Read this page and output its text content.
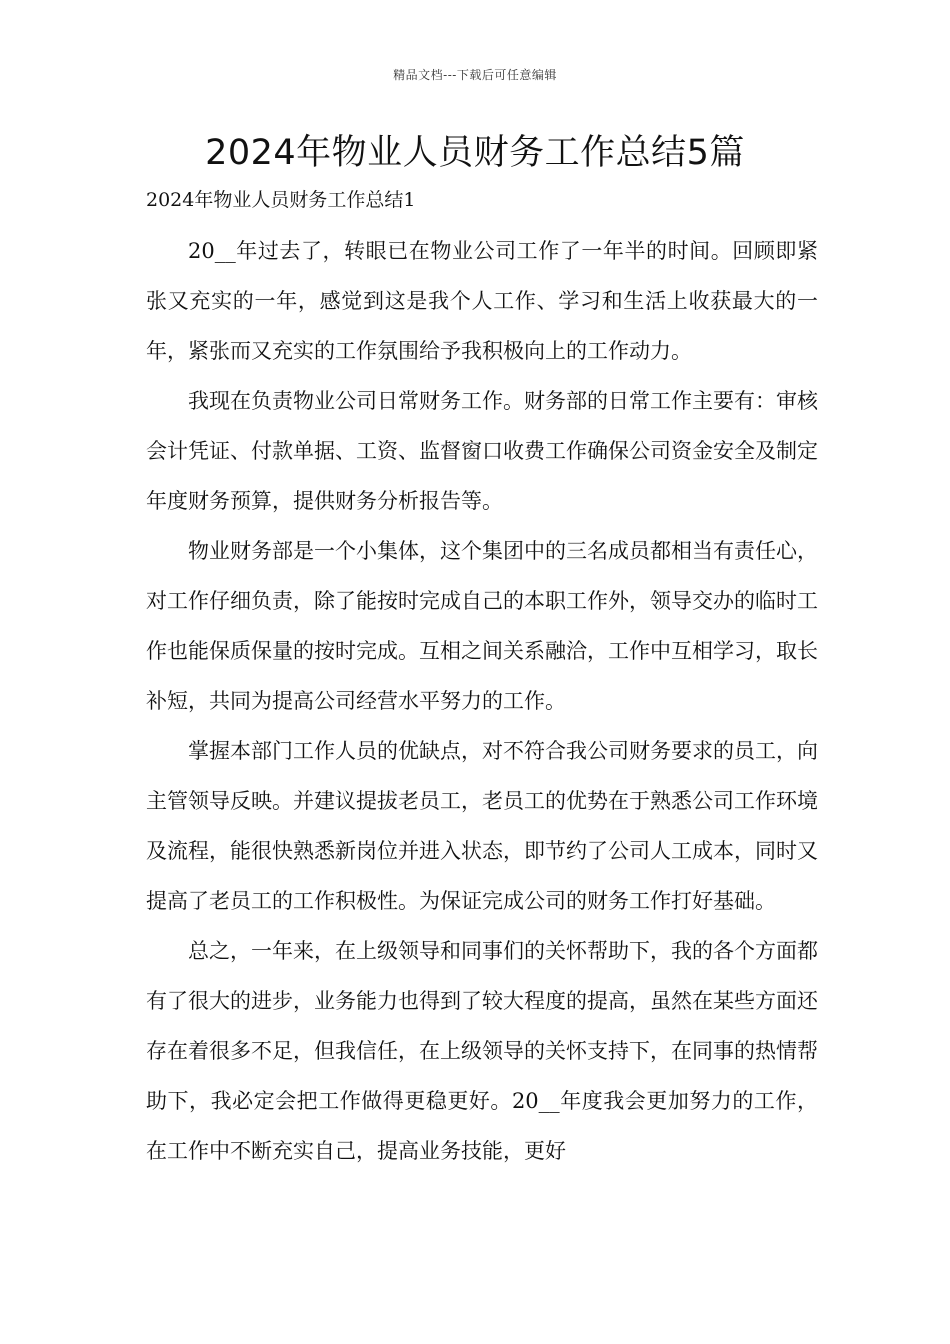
精品文档---下载后可任意编辑
2024年物业人员财务工作总结5篇
2024年物业人员财务工作总结1

20__年过去了，转眼已在物业公司工作了一年半的时间。回顾即紧张又充实的一年，感觉到这是我个人工作、学习和生活上收获最大的一年，紧张而又充实的工作氛围给予我积极向上的工作动力。

我现在负责物业公司日常财务工作。财务部的日常工作主要有：审核会计凭证、付款单据、工资、监督窗口收费工作确保公司资金安全及制定年度财务预算，提供财务分析报告等。

物业财务部是一个小集体，这个集团中的三名成员都相当有责任心，对工作仔细负责，除了能按时完成自己的本职工作外，领导交办的临时工作也能保质保量的按时完成。互相之间关系融洽，工作中互相学习，取长补短，共同为提高公司经营水平努力的工作。

掌握本部门工作人员的优缺点，对不符合我公司财务要求的员工，向主管领导反映。并建议提拔老员工，老员工的优势在于熟悉公司工作环境及流程，能很快熟悉新岗位并进入状态，即节约了公司人工成本，同时又提高了老员工的工作积极性。为保证完成公司的财务工作打好基础。

总之，一年来，在上级领导和同事们的关怀帮助下，我的各个方面都有了很大的进步，业务能力也得到了较大程度的提高，虽然在某些方面还存在着很多不足，但我信任，在上级领导的关怀支持下，在同事的热情帮助下，我必定会把工作做得更稳更好。20__年度我会更加努力的工作，在工作中不断充实自己，提高业务技能，更好
